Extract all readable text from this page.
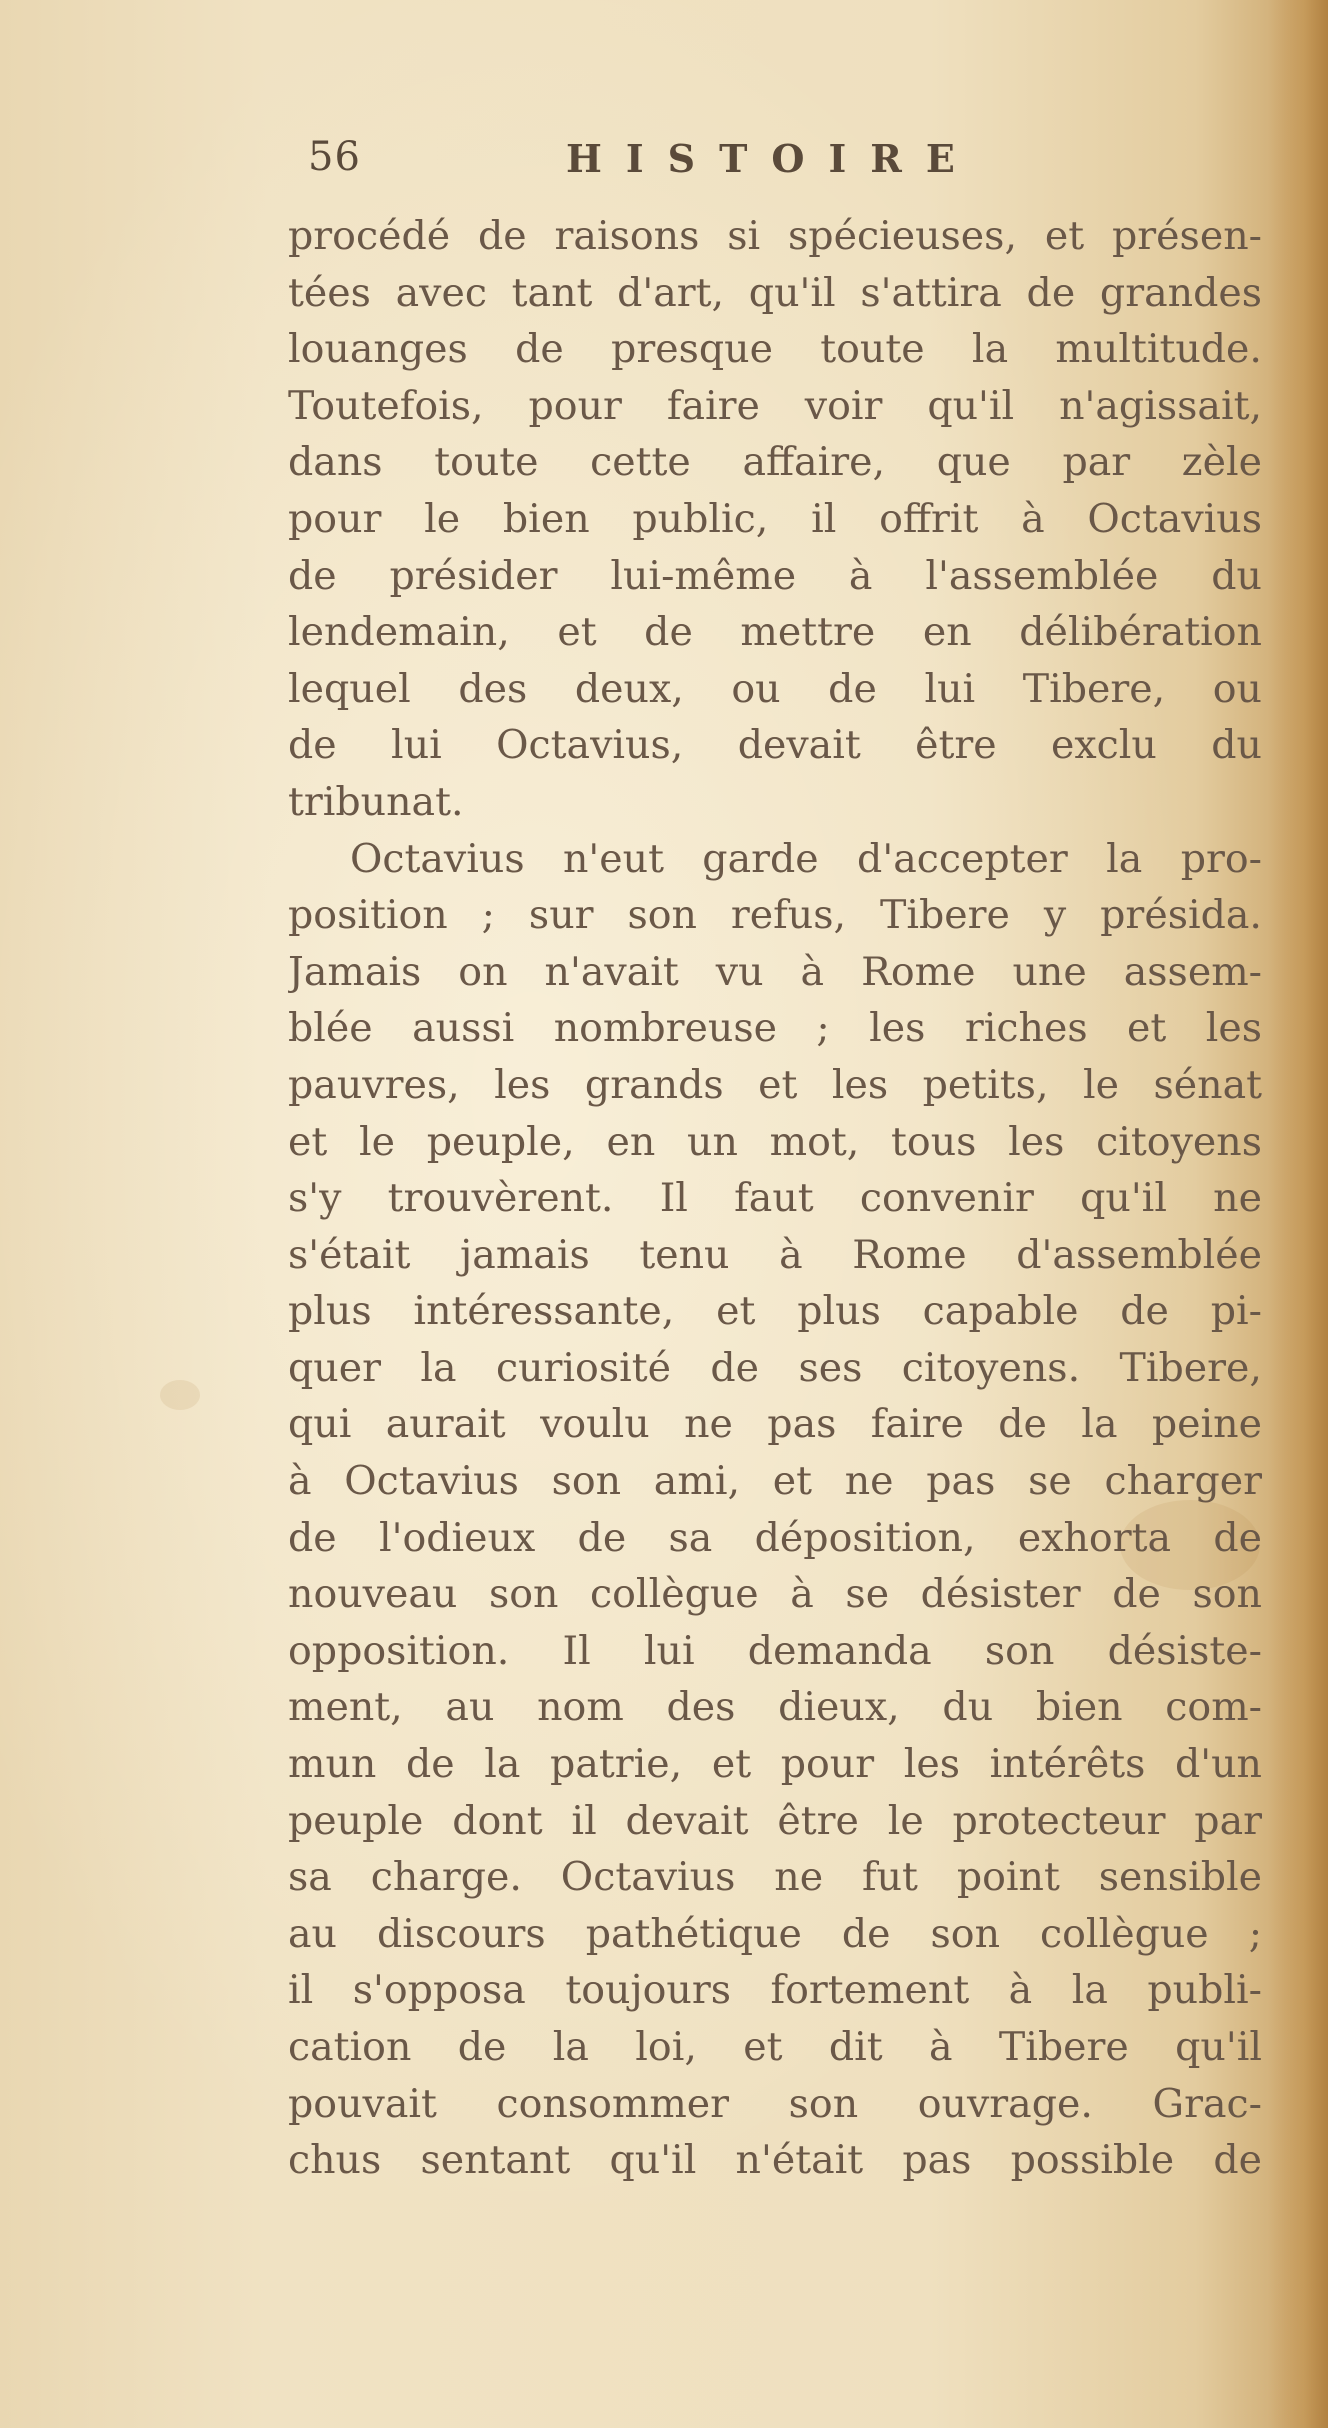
56	HISTOIRE
procédé de raisons si spécieuses, et présen-
tées avec tant d'art, qu'il s'attira de grandes
louanges de presque toute la multitude.
Toutefois, pour faire voir qu'il n'agissait,
dans toute cette affaire, que par zèle
pour le bien public, il offrit à Octavius
de présider lui-même à l'assemblée du
lendemain, et de mettre en délibération
lequel des deux, ou de lui Tibere, ou
de lui Octavius, devait être exclu du
tribunat.
Octavius n'eut garde d'accepter la pro-
position ; sur son refus, Tibere y présida.
Jamais on n'avait vu à Rome une assem-
blée aussi nombreuse ; les riches et les
pauvres, les grands et les petits, le sénat
et le peuple, en un mot, tous les citoyens
s'y trouvèrent. Il faut convenir qu'il ne
s'était jamais tenu à Rome d'assemblée
plus intéressante, et plus capable de pi-
quer la curiosité de ses citoyens. Tibere,
qui aurait voulu ne pas faire de la peine
à Octavius son ami, et ne pas se charger
de l'odieux de sa déposition, exhorta de
nouveau son collègue à se désister de son
opposition. Il lui demanda son désiste-
ment, au nom des dieux, du bien com-
mun de la patrie, et pour les intérêts d'un
peuple dont il devait être le protecteur par
sa charge. Octavius ne fut point sensible
au discours pathétique de son collègue ;
il s'opposa toujours fortement à la publi-
cation de la loi, et dit à Tibere qu'il
pouvait consommer son ouvrage. Grac-
chus sentant qu'il n'était pas possible de
